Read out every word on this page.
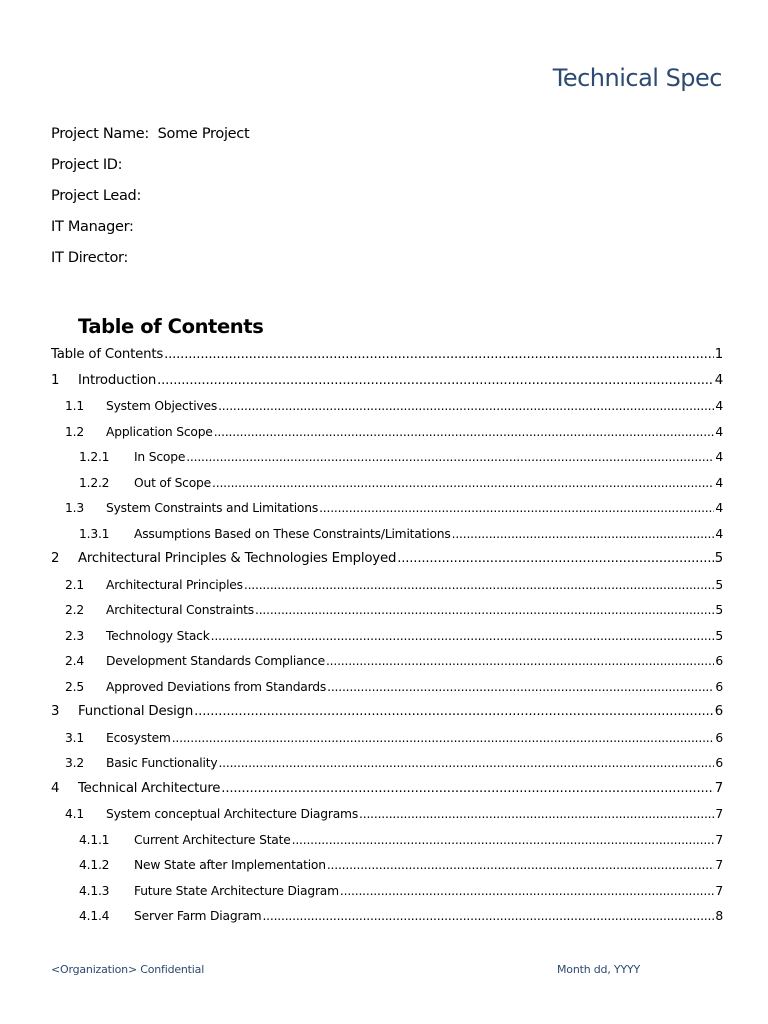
Technical Spec
Project Name: Some Project
Project ID:
Project Lead:
IT Manager:
IT Director:
Table of Contents
Table of Contents .....	1
1 Introduction .....	4
1.1 System Objectives .....	4
1.2 Application Scope .....	4
1.2.1 In Scope .....	4
1.2.2 Out of Scope .....	4
1.3 System Constraints and Limitations .....	4
1.3.1 Assumptions Based on These Constraints/Limitations .....	4
2 Architectural Principles & Technologies Employed .....	5
2.1 Architectural Principles .....	5
2.2 Architectural Constraints .....	5
2.3 Technology Stack .....	5
2.4 Development Standards Compliance .....	6
2.5 Approved Deviations from Standards .....	6
3 Functional Design .....	6
3.1 Ecosystem .....	6
3.2 Basic Functionality .....	6
4 Technical Architecture .....	7
4.1 System conceptual Architecture Diagrams .....	7
4.1.1 Current Architecture State .....	7
4.1.2 New State after Implementation .....	7
4.1.3 Future State Architecture Diagram .....	7
4.1.4 Server Farm Diagram .....	8
<Organization> Confidential	Month dd, YYYY
